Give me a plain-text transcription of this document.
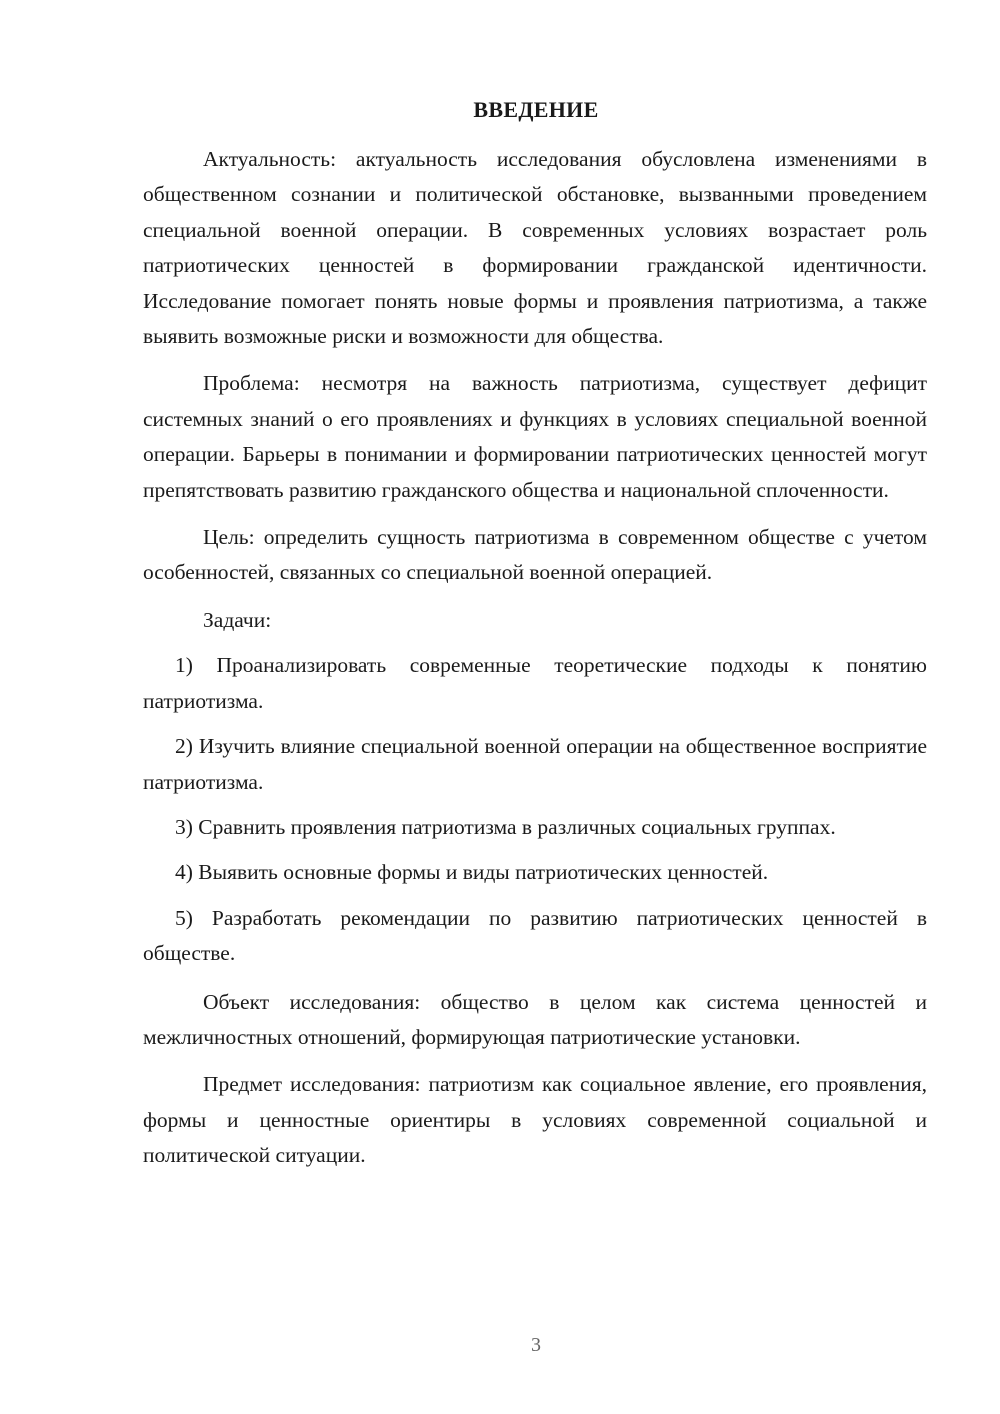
ВВЕДЕНИЕ

Актуальность: актуальность исследования обусловлена изменениями в общественном сознании и политической обстановке, вызванными проведением специальной военной операции. В современных условиях возрастает роль патриотических ценностей в формировании гражданской идентичности. Исследование помогает понять новые формы и проявления патриотизма, а также выявить возможные риски и возможности для общества.

Проблема: несмотря на важность патриотизма, существует дефицит системных знаний о его проявлениях и функциях в условиях специальной военной операции. Барьеры в понимании и формировании патриотических ценностей могут препятствовать развитию гражданского общества и национальной сплоченности.

Цель: определить сущность патриотизма в современном обществе с учетом особенностей, связанных со специальной военной операцией.

Задачи:

1) Проанализировать современные теоретические подходы к понятию патриотизма.

2) Изучить влияние специальной военной операции на общественное восприятие патриотизма.

3) Сравнить проявления патриотизма в различных социальных группах.

4) Выявить основные формы и виды патриотических ценностей.

5) Разработать рекомендации по развитию патриотических ценностей в обществе.

Объект исследования: общество в целом как система ценностей и межличностных отношений, формирующая патриотические установки.

Предмет исследования: патриотизм как социальное явление, его проявления, формы и ценностные ориентиры в условиях современной социальной и политической ситуации.

3
